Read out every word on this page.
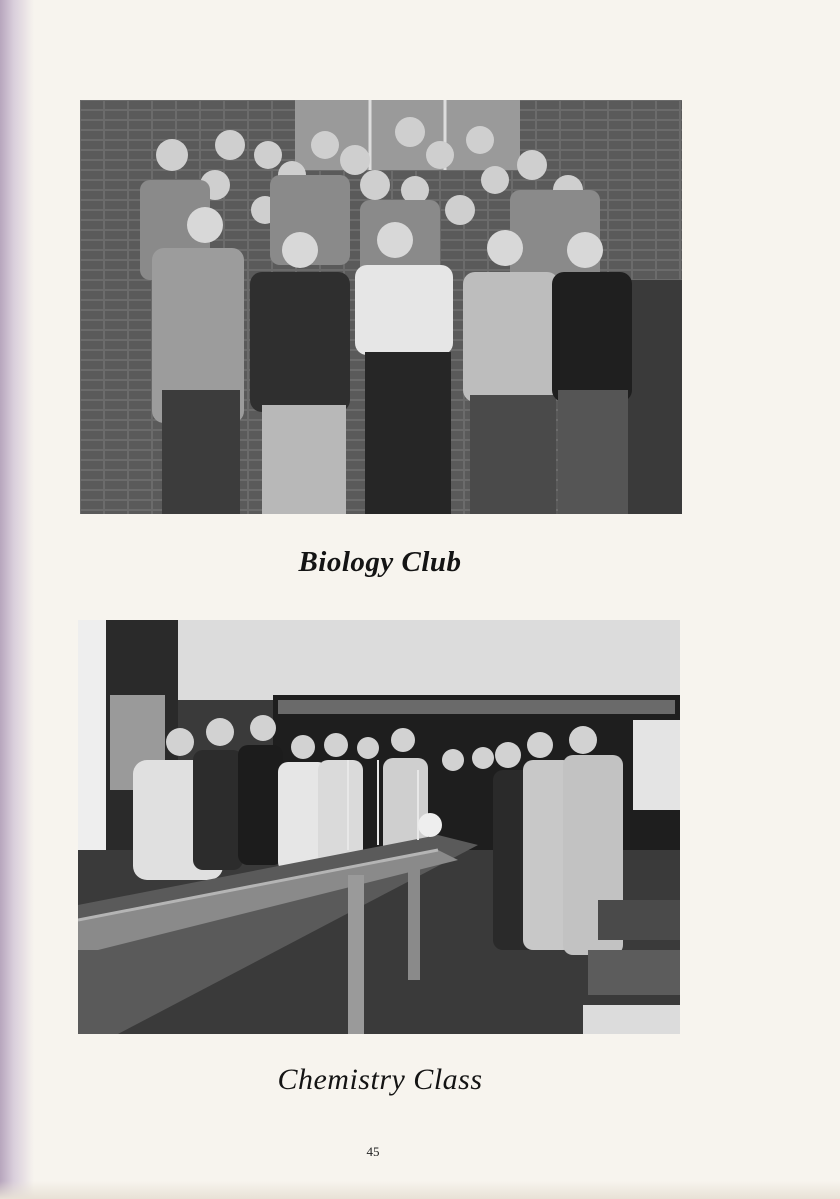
Biology Club
Chemistry Class
45
